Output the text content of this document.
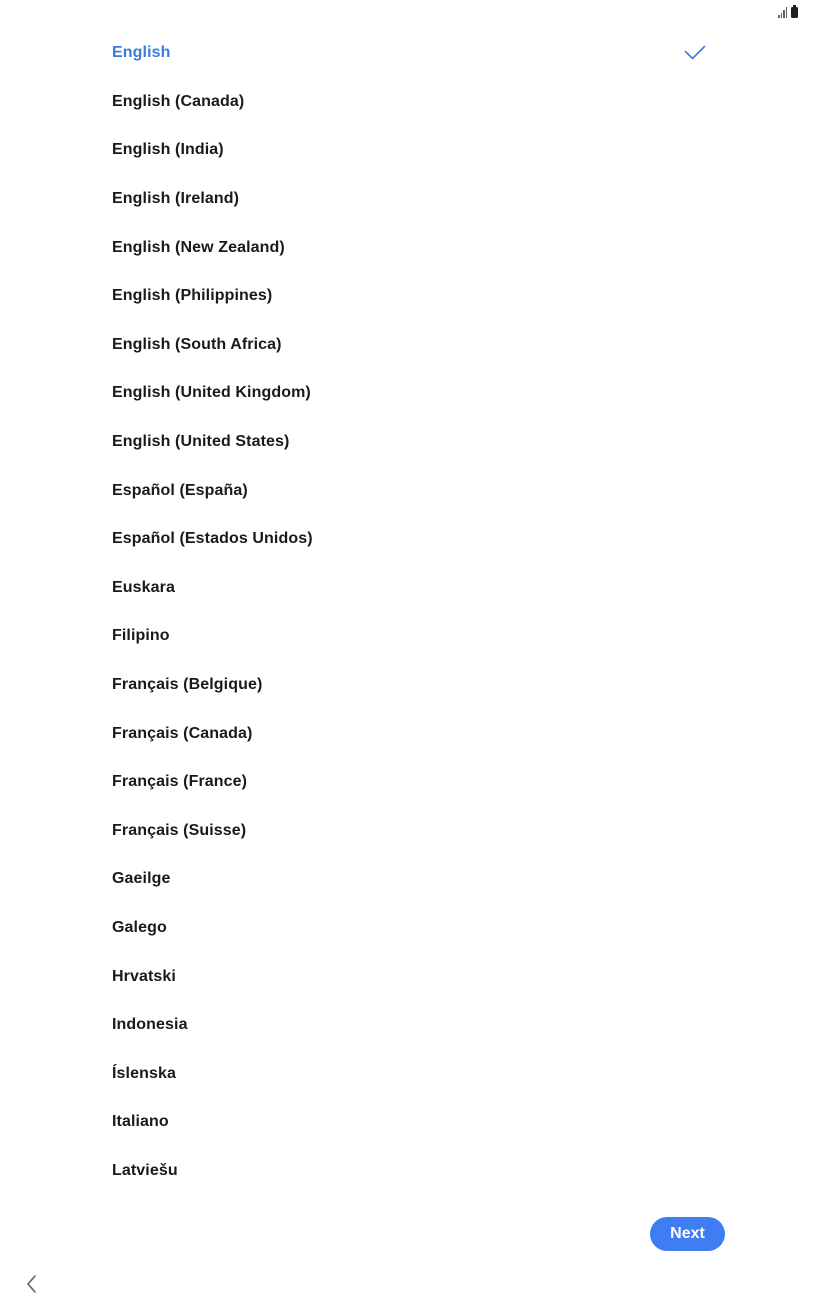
English
English (Canada)
English (India)
English (Ireland)
English (New Zealand)
English (Philippines)
English (South Africa)
English (United Kingdom)
English (United States)
Español (España)
Español (Estados Unidos)
Euskara
Filipino
Français (Belgique)
Français (Canada)
Français (France)
Français (Suisse)
Gaeilge
Galego
Hrvatski
Indonesia
Íslenska
Italiano
Latviešu
Next
